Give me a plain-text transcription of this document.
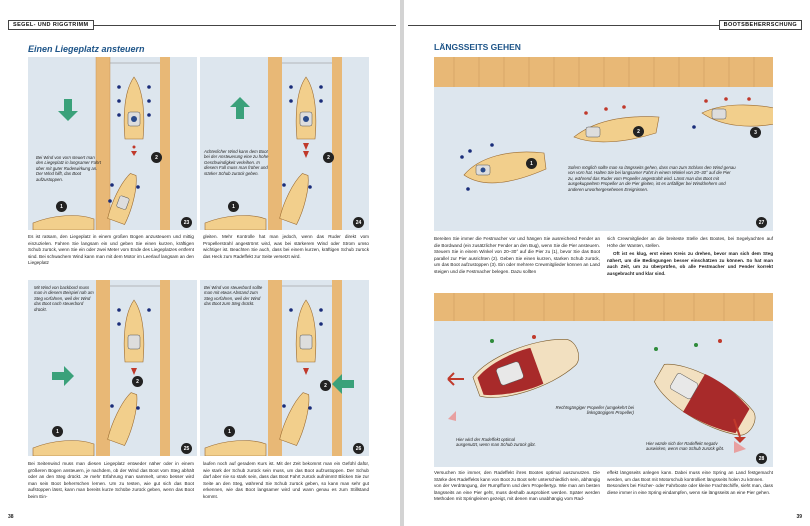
SEGEL- UND RIGGTRIMM
Einen Liegeplatz ansteuern
Bei Wind von vorn steuert man den Liegeplatz in langsamer Fahrt über mit guter Ruderwirkung an. Der Wind hilft, das Boot aufzustoppen.
2
1
23
Achterlicher Wind kann dem Boot bei der Ansteuerung eine zu hohe Geschwindigkeit verleihen. In diesem Fall muss man früher und stärker Schub zurück geben.
2
1
24
Es ist ratsam, den Liegeplatz in einem großen Bogen anzusteuern und mittig einzuzielen. Fahren Sie langsam ein und geben Sie einen kurzen, kräftigen Schub zurück, wenn Sie ein oder zwei Meter vom Ende des Liegeplatzes entfernt sind. Bei schwachem Wind kann man mit dem Motor im Leerlauf langsam an den Liegeplatz
gleiten. Mehr Kontrolle hat man jedoch, wenn das Ruder direkt vom Propellerstrahl angeströmt wird, was bei stärkerem Wind oder Strom umso wichtiger ist. Beachten Sie auch, dass bei einem kurzen, kräftigen Schub zurück das Heck zum Radeffekt zur Seite versetzt wird.
Mit Wind von backbord muss man in diesem Beispiel nah am Steg vorfahren, weil der Wind das Boot nach steuerbord drückt.
2
1
25
Bei Wind von steuerbord sollte man mit etwas Abstand zum Steg vorfahren, weil der Wind das Boot zum Steg drückt.
2
1
26
Bei Seitenwind muss man diesen Liegeplatz entweder näher oder in einem größeren Bogen ansteuern, je nachdem, ob der Wind das Boot vom Steg abhält oder an den Steg drückt. Je mehr Erfahrung man sammelt, umso besser wird man sein Boot beherrschen lernen. Um zu testen, wie gut sich das Boot aufstoppen lässt, kann man bereits kurze Schübe zurück geben, wenn das Boot beim Ein-
laufen noch auf geradem Kurs ist. Mit der Zeit bekommt man ein Gefühl dafür, wie stark der Schub zurück sein muss, um das Boot aufzustoppen. Der Schub darf aber nie so stark sein, dass das Boot Fahrt zurück aufnimmt! Blicken Sie zur Seite an den Steg, während Sie Schub zurück geben, so kann man sehr gut erkennen, wie das Boot langsamer wird und wann genau es zum Stillstand kommt.
38
BOOTSBEHERRSCHUNG
LÄNGSSEITS GEHEN
1
2	3
Sofern möglich sollte man so längsseits gehen, dass man zum Schluss den Wind genau von vorn hat. Halten Sie bei langsamer Fahrt in einem Winkel von 20–30° auf die Pier zu, während das Ruder vom Propeller angestrahlt wird. Lässt man das Boot mit ausgekuppeltem Propeller an die Pier gleiten, ist es anfälliger bei Winddrehern und anderen unvorhergesehenen Ereignissen.
27
Bereiten Sie immer die Festmacher vor und hängen Sie ausreichend Fender an die Bordwand (ein zusätzlicher Fender an den Bug), wenn Sie die Pier ansteuern. Steuern Sie in einem Winkel von 20–30° auf die Pier zu (1), bevor Sie das Boot parallel zur Pier ausrichten (2). Geben Sie einen kurzen, starken Schub zurück, um das Boot aufzustoppen (3). Ein oder mehrere Crewmitglieder können an Land steigen und die Festmacher belegen. Dazu sollten
sich Crewmitglieder an die breiteste Stelle des Bootes, bei Segelyachten auf Höhe der Wanten, stellen.
Oft ist es klug, erst einen Kreis zu drehen, bevor man sich dem Steg nähert, um die Bedingungen besser einschätzen zu können. So hat man auch Zeit, um zu überprüfen, ob alle Festmacher und Fender korrekt ausgebracht und klar sind.
Rechtsgängiger Propeller (umgekehrt bei linksgängigem Propeller)
Hier wird der Radeffekt optimal ausgenutzt, wenn man Schub zurück gibt.	Hier würde sich der Radeffekt negativ auswirken, wenn man Schub zurück gibt.
28
Versuchen Sie immer, den Radeffekt ihres Bootes optimal auszunutzen. Die Stärke des Radeffekts kann von Boot zu Boot sehr unterschiedlich sein, abhängig von der Verdrängung, der Rumpfform und dem Propellertyp. Wie man am besten längsseits an eine Pier geht, muss deshalb ausprobiert werden. Später werden Methoden mit Springleinen gezeigt, mit denen man unabhängig vom Rad-
effekt längsseits anlegen kann. Dabei muss eine Spring an Land festgemacht werden, um das Boot mit Motorschub kontrolliert längsseits holen zu können.
Besonders bei Fischer- oder Fahrboote oder kleine Frachtschiffe, sieht man, dass diese immer in eine Spring eindampfen, wenn sie längsseits an eine Pier gehen.
39
